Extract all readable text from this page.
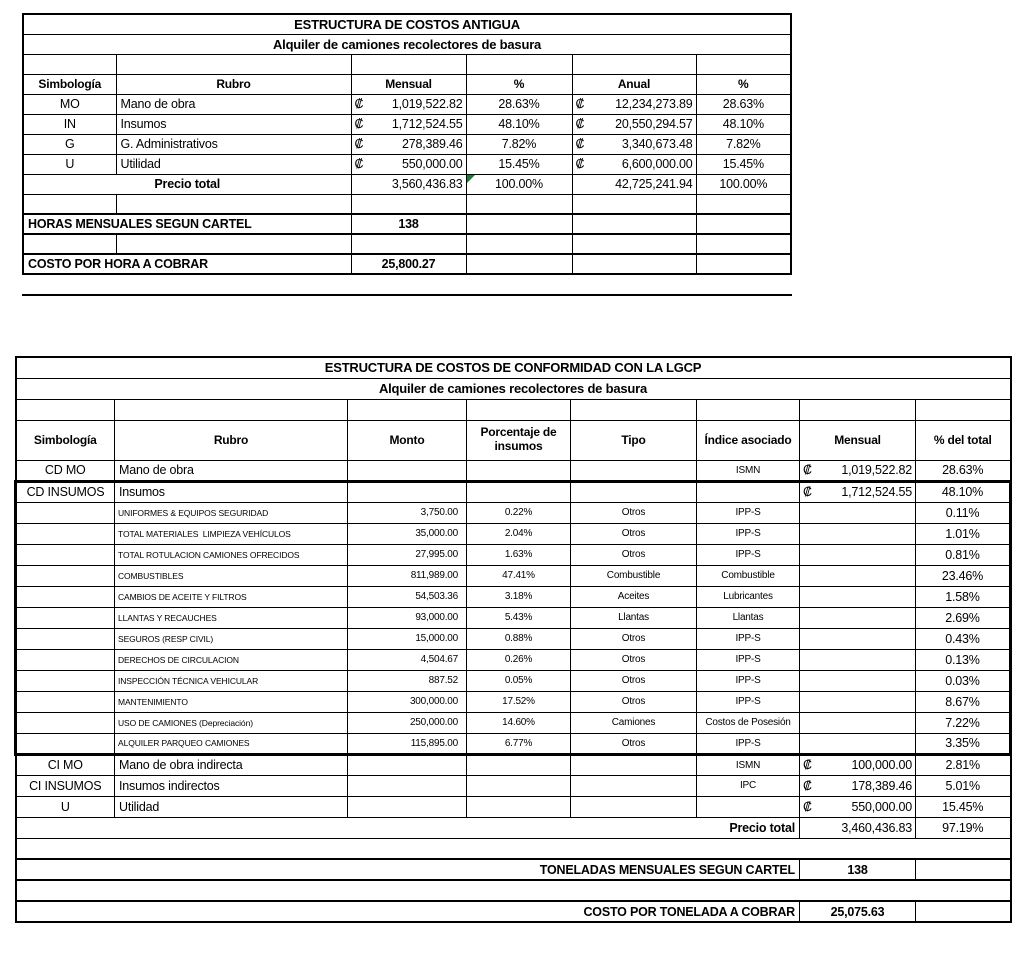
ESTRUCTURA DE COSTOS ANTIGUA					
Alquiler de camiones recolectores de basura					

Simbología	Rubro	Mensual	%	Anual	%
MO	Mano de obra	₡ 1,019,522.82	28.63%	₡ 12,234,273.89	28.63%
IN	Insumos	₡ 1,712,524.55	48.10%	₡ 20,550,294.57	48.10%
G	G. Administrativos	₡ 278,389.46	7.82%	₡ 3,340,673.48	7.82%
U	Utilidad	₡ 550,000.00	15.45%	₡ 6,600,000.00	15.45%
Precio total		3,560,436.83	100.00%	42,725,241.94	100.00%

HORAS MENSUALES SEGUN CARTEL		138			

COSTO POR HORA A COBRAR		25,800.27			
ESTRUCTURA DE COSTOS DE CONFORMIDAD CON LA LGCP							
Alquiler de camiones recolectores de basura							

Simbología	Rubro	Monto	Porcentaje de insumos	Tipo	Índice asociado	Mensual	% del total
CD MO	Mano de obra				ISMN	₡ 1,019,522.82	28.63%
CD INSUMOS	Insumos					₡ 1,712,524.55	48.10%
	UNIFORMES & EQUIPOS SEGURIDAD	3,750.00	0.22%	Otros	IPP-S		0.11%
	TOTAL MATERIALES  LIMPIEZA VEHÍCULOS	35,000.00	2.04%	Otros	IPP-S		1.01%
	TOTAL ROTULACION CAMIONES OFRECIDOS	27,995.00	1.63%	Otros	IPP-S		0.81%
	COMBUSTIBLES	811,989.00	47.41%	Combustible	Combustible		23.46%
	CAMBIOS DE ACEITE Y FILTROS	54,503.36	3.18%	Aceites	Lubricantes		1.58%
	LLANTAS Y RECAUCHES	93,000.00	5.43%	Llantas	Llantas		2.69%
	SEGUROS (RESP CIVIL)	15,000.00	0.88%	Otros	IPP-S		0.43%
	DERECHOS DE CIRCULACION	4,504.67	0.26%	Otros	IPP-S		0.13%
	INSPECCIÓN TÉCNICA VEHICULAR	887.52	0.05%	Otros	IPP-S		0.03%
	MANTENIMIENTO	300,000.00	17.52%	Otros	IPP-S		8.67%
	USO DE CAMIONES (Depreciación)	250,000.00	14.60%	Camiones	Costos de Posesión		7.22%
	ALQUILER PARQUEO CAMIONES	115,895.00	6.77%	Otros	IPP-S		3.35%
CI MO	Mano de obra indirecta				ISMN	₡ 100,000.00	2.81%
CI INSUMOS	Insumos indirectos				IPC	₡ 178,389.46	5.01%
U	Utilidad					₡ 550,000.00	15.45%
Precio total						3,460,436.83	97.19%

TONELADAS MENSUALES SEGUN CARTEL						138	

COSTO POR TONELADA A COBRAR						25,075.63	
